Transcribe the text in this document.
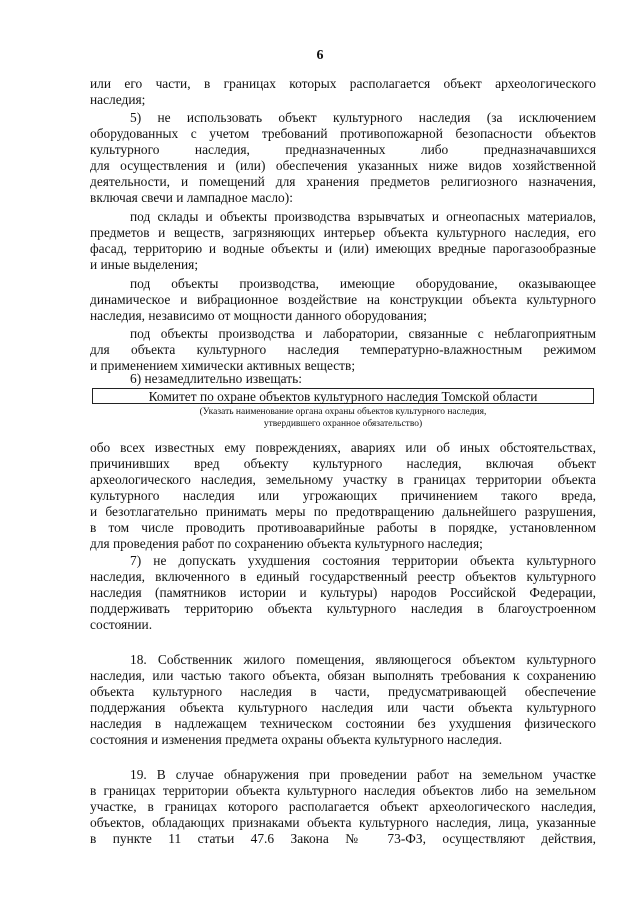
6
или его части, в границах которых располагается объект археологического
наследия;
5) не использовать объект культурного наследия (за исключением
оборудованных с учетом требований противопожарной безопасности объектов
культурного наследия, предназначенных либо предназначавшихся
для осуществления и (или) обеспечения указанных ниже видов хозяйственной
деятельности, и помещений для хранения предметов религиозного назначения,
включая свечи и лампадное масло):
под склады и объекты производства взрывчатых и огнеопасных материалов,
предметов и веществ, загрязняющих интерьер объекта культурного наследия, его
фасад, территорию и водные объекты и (или) имеющих вредные парогазообразные
и иные выделения;
под объекты производства, имеющие оборудование, оказывающее
динамическое и вибрационное воздействие на конструкции объекта культурного
наследия, независимо от мощности данного оборудования;
под объекты производства и лаборатории, связанные с неблагоприятным
для объекта культурного наследия температурно-влажностным режимом
и применением химически активных веществ;
6) незамедлительно извещать:
Комитет по охране объектов культурного наследия Томской области
(Указать наименование органа охраны объектов культурного наследия,
утвердившего охранное обязательство)
обо всех известных ему повреждениях, авариях или об иных обстоятельствах,
причинивших вред объекту культурного наследия, включая объект
археологического наследия, земельному участку в границах территории объекта
культурного наследия или угрожающих причинением такого вреда,
и безотлагательно принимать меры по предотвращению дальнейшего разрушения,
в том числе проводить противоаварийные работы в порядке, установленном
для проведения работ по сохранению объекта культурного наследия;
7) не допускать ухудшения состояния территории объекта культурного
наследия, включенного в единый государственный реестр объектов культурного
наследия (памятников истории и культуры) народов Российской Федерации,
поддерживать территорию объекта культурного наследия в благоустроенном
состоянии.
18. Собственник жилого помещения, являющегося объектом культурного
наследия, или частью такого объекта, обязан выполнять требования к сохранению
объекта культурного наследия в части, предусматривающей обеспечение
поддержания объекта культурного наследия или части объекта культурного
наследия в надлежащем техническом состоянии без ухудшения физического
состояния и изменения предмета охраны объекта культурного наследия.
19. В случае обнаружения при проведении работ на земельном участке
в границах территории объекта культурного наследия объектов либо на земельном
участке, в границах которого располагается объект археологического наследия,
объектов, обладающих признаками объекта культурного наследия, лица, указанные
в пункте 11 статьи 47.6 Закона № 73-ФЗ, осуществляют действия,
